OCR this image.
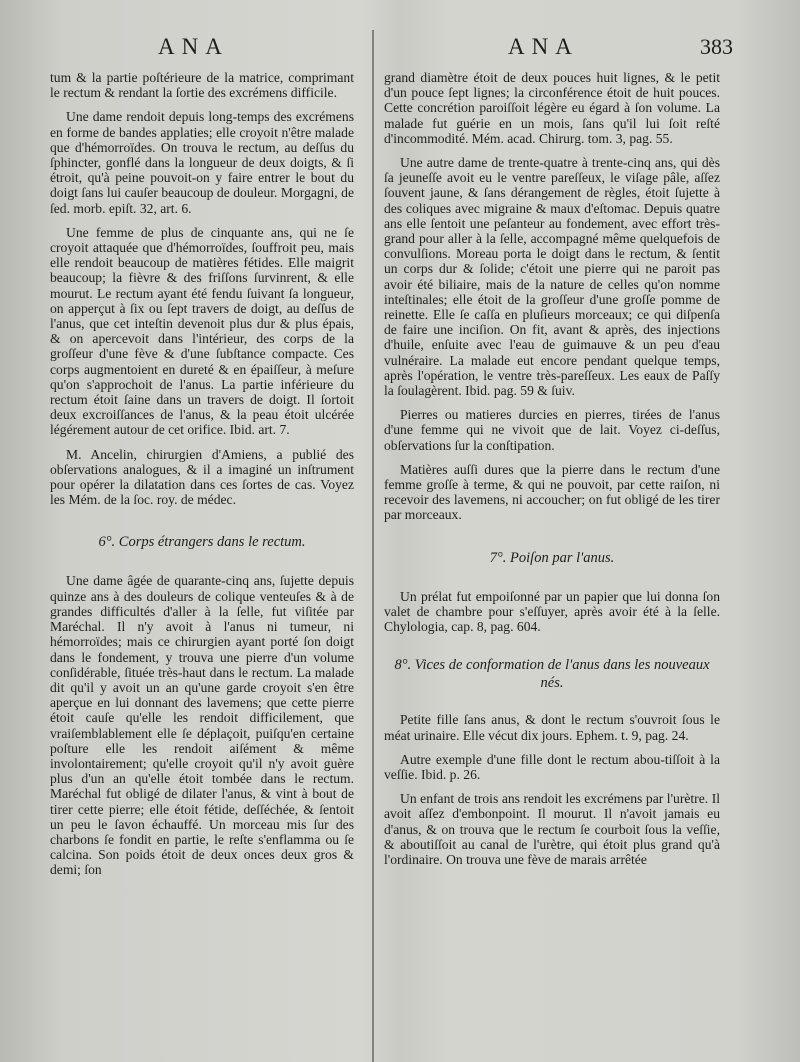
ANA	ANA	383

tum & la partie poſtérieure de la matrice, comprimant le rectum & rendant la ſortie des excrémens difficile.

Une dame rendoit depuis long-temps des excrémens en forme de bandes applaties; elle croyoit n'être malade que d'hémorroïdes. On trouva le rectum, au deſſus du ſphincter, gonflé dans la longueur de deux doigts, & ſi étroit, qu'à peine pouvoit-on y faire entrer le bout du doigt ſans lui cauſer beaucoup de douleur. Morgagni, de ſed. morb. epiſt. 32, art. 6.

Une femme de plus de cinquante ans, qui ne ſe croyoit attaquée que d'hémorroïdes, ſouffroit peu, mais elle rendoit beaucoup de matières fétides. Elle maigrit beaucoup; la fièvre & des friſſons ſurvinrent, & elle mourut. Le rectum ayant été fendu ſuivant ſa longueur, on apperçut à ſix ou ſept travers de doigt, au deſſus de l'anus, que cet inteſtin devenoit plus dur & plus épais, & on apercevoit dans l'intérieur, des corps de la groſſeur d'une fève & d'une ſubſtance compacte. Ces corps augmentoient en dureté & en épaiſſeur, à meſure qu'on s'approchoit de l'anus. La partie inférieure du rectum étoit ſaine dans un travers de doigt. Il ſortoit deux excroiſſances de l'anus, & la peau étoit ulcérée légérement autour de cet orifice. Ibid. art. 7.

M. Ancelin, chirurgien d'Amiens, a publié des obſervations analogues, & il a imaginé un inſtrument pour opérer la dilatation dans ces ſortes de cas. Voyez les Mém. de la ſoc. roy. de médec.

6°. Corps étrangers dans le rectum.

Une dame âgée de quarante-cinq ans, ſujette depuis quinze ans à des douleurs de colique venteuſes & à de grandes difficultés d'aller à la ſelle, fut viſitée par Maréchal. Il n'y avoit à l'anus ni tumeur, ni hémorroïdes; mais ce chirurgien ayant porté ſon doigt dans le fondement, y trouva une pierre d'un volume conſidérable, ſituée très-haut dans le rectum. La malade dit qu'il y avoit un an qu'une garde croyoit s'en être aperçue en lui donnant des lavemens; que cette pierre étoit cauſe qu'elle les rendoit difficilement, que vraiſemblablement elle ſe déplaçoit, puiſqu'en certaine poſture elle les rendoit aiſément & même involontairement; qu'elle croyoit qu'il n'y avoit guère plus d'un an qu'elle étoit tombée dans le rectum. Maréchal fut obligé de dilater l'anus, & vint à bout de tirer cette pierre; elle étoit fétide, deſſéchée, & ſentoit un peu le ſavon échauffé. Un morceau mis ſur des charbons ſe fondit en partie, le reſte s'enflamma ou ſe calcina. Son poids étoit de deux onces deux gros & demi; ſon

grand diamètre étoit de deux pouces huit lignes, & le petit d'un pouce ſept lignes; la circonférence étoit de huit pouces. Cette concrétion paroiſſoit légère eu égard à ſon volume. La malade fut guérie en un mois, ſans qu'il lui ſoit reſté d'incommodité. Mém. acad. Chirurg. tom. 3, pag. 55.

Une autre dame de trente-quatre à trente-cinq ans, qui dès ſa jeuneſſe avoit eu le ventre pareſſeux, le viſage pâle, aſſez ſouvent jaune, & ſans dérangement de règles, étoit ſujette à des coliques avec migraine & maux d'eſtomac. Depuis quatre ans elle ſentoit une peſanteur au fondement, avec effort très-grand pour aller à la ſelle, accompagné même quelquefois de convulſions. Moreau porta le doigt dans le rectum, & ſentit un corps dur & ſolide; c'étoit une pierre qui ne paroit pas avoir été biliaire, mais de la nature de celles qu'on nomme inteſtinales; elle étoit de la groſſeur d'une groſſe pomme de reinette. Elle ſe caſſa en pluſieurs morceaux; ce qui diſpenſa de faire une inciſion. On fit, avant & après, des injections d'huile, enſuite avec l'eau de guimauve & un peu d'eau vulnéraire. La malade eut encore pendant quelque temps, après l'opération, le ventre très-pareſſeux. Les eaux de Paſſy la ſoulagèrent. Ibid. pag. 59 & ſuiv.

Pierres ou matieres durcies en pierres, tirées de l'anus d'une femme qui ne vivoit que de lait. Voyez ci-deſſus, obſervations ſur la conſtipation.

Matières auſſi dures que la pierre dans le rectum d'une femme groſſe à terme, & qui ne pouvoit, par cette raiſon, ni recevoir des lavemens, ni accoucher; on fut obligé de les tirer par morceaux.

7°. Poiſon par l'anus.

Un prélat fut empoiſonné par un papier que lui donna ſon valet de chambre pour s'eſſuyer, après avoir été à la ſelle. Chylologia, cap. 8, pag. 604.

8°. Vices de conformation de l'anus dans les nouveaux nés.

Petite fille ſans anus, & dont le rectum s'ouvroit ſous le méat urinaire. Elle vécut dix jours. Ephem. t. 9, pag. 24.

Autre exemple d'une fille dont le rectum abou-tiſſoit à la veſſie. Ibid. p. 26.

Un enfant de trois ans rendoit les excrémens par l'urètre. Il avoit aſſez d'embonpoint. Il mourut. Il n'avoit jamais eu d'anus, & on trouva que le rectum ſe courboit ſous la veſſie, & aboutiſſoit au canal de l'urètre, qui étoit plus grand qu'à l'ordinaire. On trouva une fève de marais arrêtée
